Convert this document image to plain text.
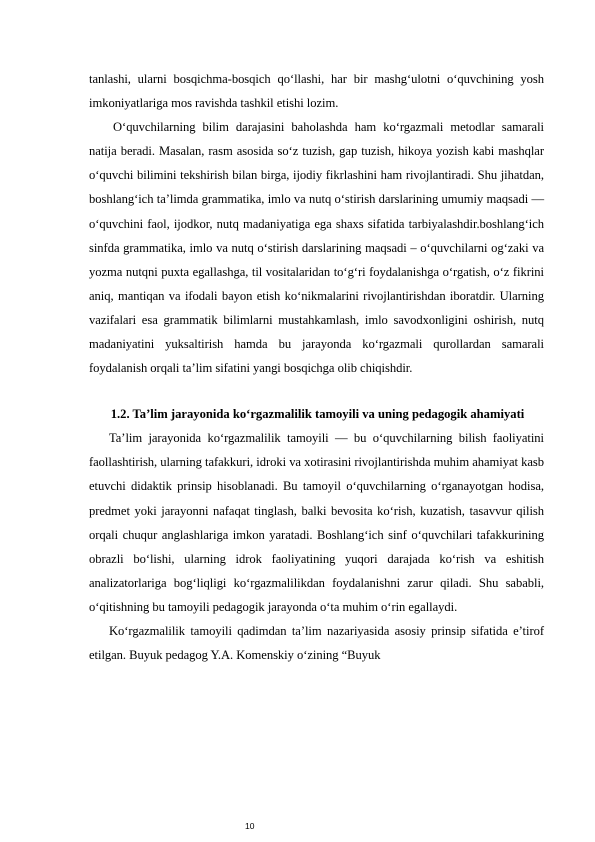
tanlashi, ularni bosqichma-bosqich qo‘llashi, har bir mashg‘ulotni o‘quvchining yosh imkoniyatlariga mos ravishda tashkil etishi lozim.

O‘quvchilarning bilim darajasini baholashda ham ko‘rgazmali metodlar samarali natija beradi. Masalan, rasm asosida so‘z tuzish, gap tuzish, hikoya yozish kabi mashqlar o‘quvchi bilimini tekshirish bilan birga, ijodiy fikrlashini ham rivojlantiradi. Shu jihatdan, boshlang‘ich ta’limda grammatika, imlo va nutq o‘stirish darslarining umumiy maqsadi — o‘quvchini faol, ijodkor, nutq madaniyatiga ega shaxs sifatida tarbiyalashdir.boshlang‘ich sinfda grammatika, imlo va nutq o‘stirish darslarining maqsadi – o‘quvchilarni og‘zaki va yozma nutqni puxta egallashga, til vositalaridan to‘g‘ri foydalanishga o‘rgatish, o‘z fikrini aniq, mantiqan va ifodali bayon etish ko‘nikmalarini rivojlantirishdan iboratdir. Ularning vazifalari esa grammatik bilimlarni mustahkamlash, imlo savodxonligini oshirish, nutq madaniyatini yuksaltirish hamda bu jarayonda ko‘rgazmali qurollardan samarali foydalanish orqali ta’lim sifatini yangi bosqichga olib chiqishdir.

1.2. Ta’lim jarayonida ko‘rgazmalilik tamoyili va uning pedagogik ahamiyati

Ta’lim jarayonida ko‘rgazmalilik tamoyili — bu o‘quvchilarning bilish faoliyatini faollashtirish, ularning tafakkuri, idroki va xotirasini rivojlantirishda muhim ahamiyat kasb etuvchi didaktik prinsip hisoblanadi. Bu tamoyil o‘quvchilarning o‘rganayotgan hodisa, predmet yoki jarayonni nafaqat tinglash, balki bevosita ko‘rish, kuzatish, tasavvur qilish orqali chuqur anglashlariga imkon yaratadi. Boshlang‘ich sinf o‘quvchilari tafakkurining obrazli bo‘lishi, ularning idrok faoliyatining yuqori darajada ko‘rish va eshitish analizatorlariga bog‘liqligi ko‘rgazmalilikdan foydalanishni zarur qiladi. Shu sababli, o‘qitishning bu tamoyili pedagogik jarayonda o‘ta muhim o‘rin egallaydi.

Ko‘rgazmalilik tamoyili qadimdan ta’lim nazariyasida asosiy prinsip sifatida e’tirof etilgan. Buyuk pedagog Y.A. Komenskiy o‘zining “Buyuk

10
